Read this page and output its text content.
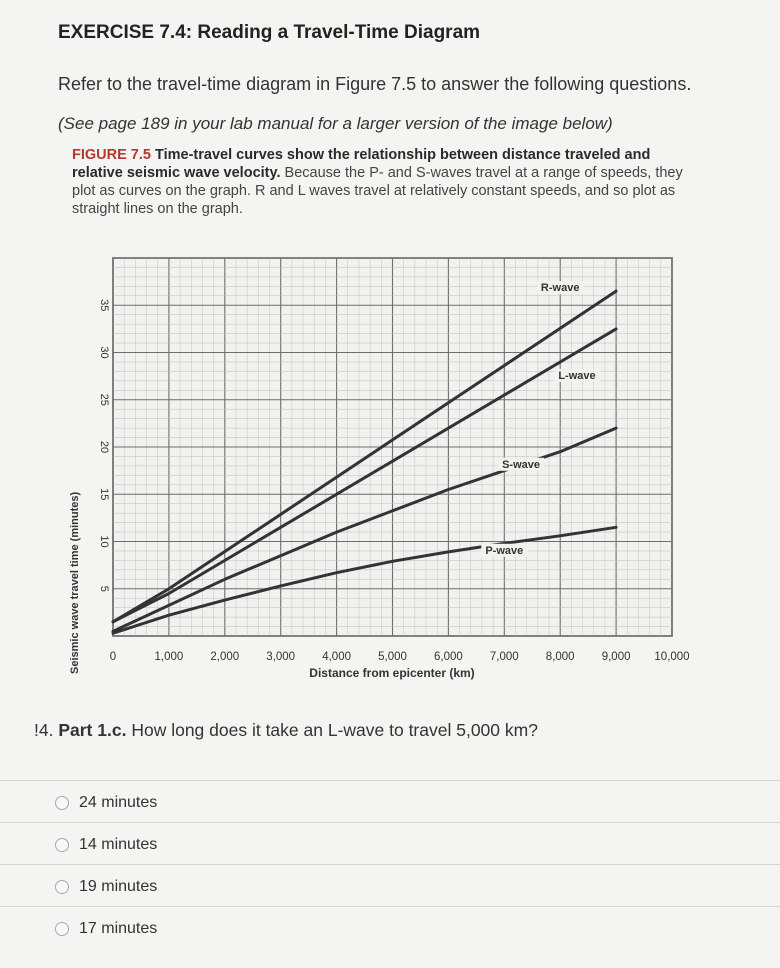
EXERCISE 7.4: Reading a Travel-Time Diagram
Refer to the travel-time diagram in Figure 7.5 to answer the following questions.
(See page 189 in your lab manual for a larger version of the image below)
FIGURE 7.5 Time-travel curves show the relationship between distance traveled and relative seismic wave velocity. Because the P- and S-waves travel at a range of speeds, they plot as curves on the graph. R and L waves travel at relatively constant speeds, and so plot as straight lines on the graph.
0	1,000 2,000 3,000 4,000 5,000 6,000 7,000 8,000 9,000 10,000
5
10
15
20
25
30
35
R-wave
L-wave
S-wave
P-wave
Seismic wave travel time (minutes)	Distance from epicenter (km)
!4. Part 1.c. How long does it take an L-wave to travel 5,000 km?
24 minutes
14 minutes
19 minutes
17 minutes
